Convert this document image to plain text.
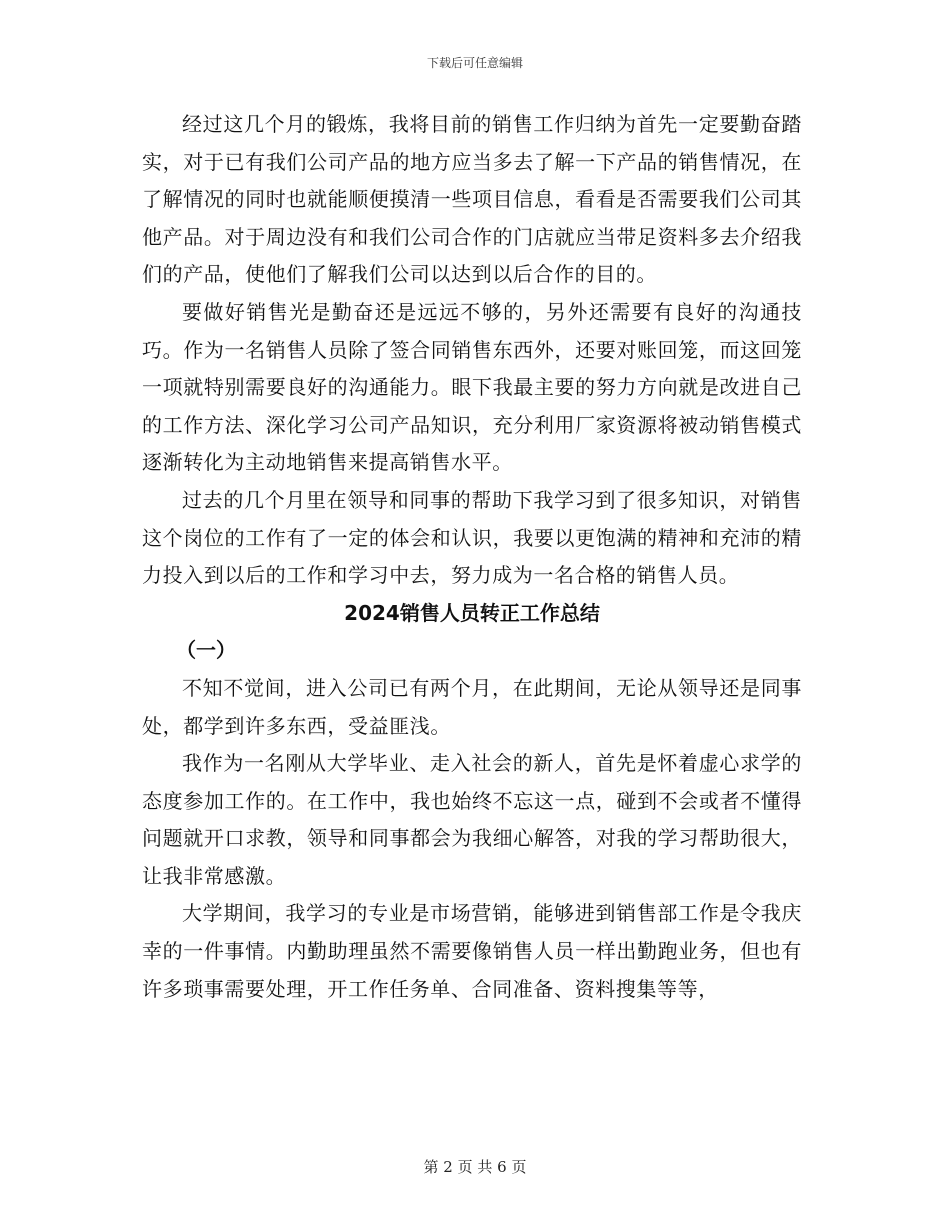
下载后可任意编辑

经过这几个月的锻炼，我将目前的销售工作归纳为首先一定要勤奋踏实，对于已有我们公司产品的地方应当多去了解一下产品的销售情况，在了解情况的同时也就能顺便摸清一些项目信息，看看是否需要我们公司其他产品。对于周边没有和我们公司合作的门店就应当带足资料多去介绍我们的产品，使他们了解我们公司以达到以后合作的目的。

要做好销售光是勤奋还是远远不够的，另外还需要有良好的沟通技巧。作为一名销售人员除了签合同销售东西外，还要对账回笼，而这回笼一项就特别需要良好的沟通能力。眼下我最主要的努力方向就是改进自己的工作方法、深化学习公司产品知识，充分利用厂家资源将被动销售模式逐渐转化为主动地销售来提高销售水平。

过去的几个月里在领导和同事的帮助下我学习到了很多知识，对销售这个岗位的工作有了一定的体会和认识，我要以更饱满的精神和充沛的精力投入到以后的工作和学习中去，努力成为一名合格的销售人员。

2024销售人员转正工作总结

（一）

不知不觉间，进入公司已有两个月，在此期间，无论从领导还是同事处，都学到许多东西，受益匪浅。

我作为一名刚从大学毕业、走入社会的新人，首先是怀着虚心求学的态度参加工作的。在工作中，我也始终不忘这一点，碰到不会或者不懂得问题就开口求教，领导和同事都会为我细心解答，对我的学习帮助很大，让我非常感激。

大学期间，我学习的专业是市场营销，能够进到销售部工作是令我庆幸的一件事情。内勤助理虽然不需要像销售人员一样出勤跑业务，但也有许多琐事需要处理，开工作任务单、合同准备、资料搜集等等，

第 2 页 共 6 页
